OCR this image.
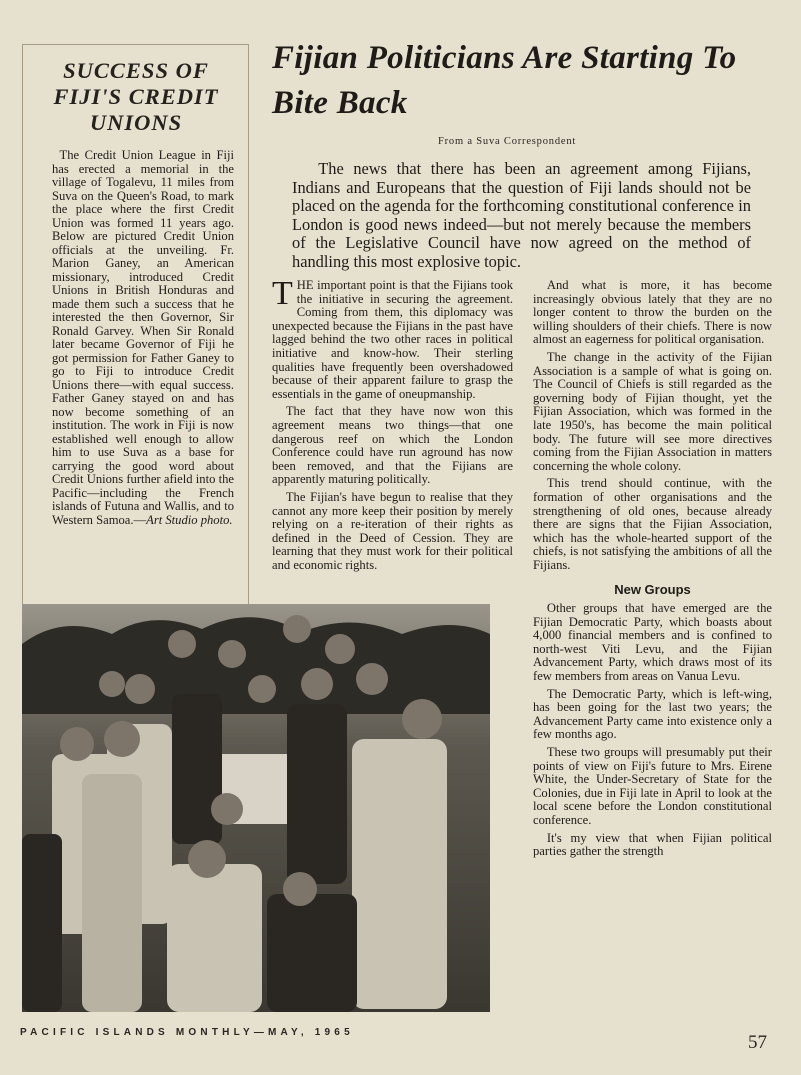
SUCCESS OF FIJI'S CREDIT UNIONS
The Credit Union League in Fiji has erected a memorial in the village of Togalevu, 11 miles from Suva on the Queen's Road, to mark the place where the first Credit Union was formed 11 years ago. Below are pictured Credit Union officials at the unveiling. Fr. Marion Ganey, an American missionary, introduced Credit Unions in British Honduras and made them such a success that he interested the then Governor, Sir Ronald Garvey. When Sir Ronald later became Governor of Fiji he got permission for Father Ganey to go to Fiji to introduce Credit Unions there—with equal success. Father Ganey stayed on and has now become something of an institution. The work in Fiji is now established well enough to allow him to use Suva as a base for carrying the good word about Credit Unions further afield into the Pacific—including the French islands of Futuna and Wallis, and to Western Samoa.—Art Studio photo.
Fijian Politicians Are Starting To Bite Back
From a Suva Correspondent
The news that there has been an agreement among Fijians, Indians and Europeans that the question of Fiji lands should not be placed on the agenda for the forthcoming constitutional conference in London is good news indeed—but not merely because the members of the Legislative Council have now agreed on the method of handling this most explosive topic.

THE important point is that the Fijians took the initiative in securing the agreement. Coming from them, this diplomacy was unexpected because the Fijians in the past have lagged behind the two other races in political initiative and know-how. Their sterling qualities have frequently been overshadowed because of their apparent failure to grasp the essentials in the game of oneupmanship.

The fact that they have now won this agreement means two things—that one dangerous reef on which the London Conference could have run aground has now been removed, and that the Fijians are apparently maturing politically.

The Fijian's have begun to realise that they cannot any more keep their position by merely relying on a re-iteration of their rights as defined in the Deed of Cession. They are learning that they must work for their political and economic rights.

And what is more, it has become increasingly obvious lately that they are no longer content to throw the burden on the willing shoulders of their chiefs. There is now almost an eagerness for political organisation.

The change in the activity of the Fijian Association is a sample of what is going on. The Council of Chiefs is still regarded as the governing body of Fijian thought, yet the Fijian Association, which was formed in the late 1950's, has become the main political body. The future will see more directives coming from the Fijian Association in matters concerning the whole colony.

This trend should continue, with the formation of other organisations and the strengthening of old ones, because already there are signs that the Fijian Association, which has the whole-hearted support of the chiefs, is not satisfying the ambitions of all the Fijians.

New Groups

Other groups that have emerged are the Fijian Democratic Party, which boasts about 4,000 financial members and is confined to north-west Viti Levu, and the Fijian Advancement Party, which draws most of its few members from areas on Vanua Levu.

The Democratic Party, which is left-wing, has been going for the last two years; the Advancement Party came into existence only a few months ago.

These two groups will presumably put their points of view on Fiji's future to Mrs. Eirene White, the Under-Secretary of State for the Colonies, due in Fiji late in April to look at the local scene before the London constitutional conference.

It's my view that when Fijian political parties gather the strength

PACIFIC ISLANDS MONTHLY—MAY, 1965	57
